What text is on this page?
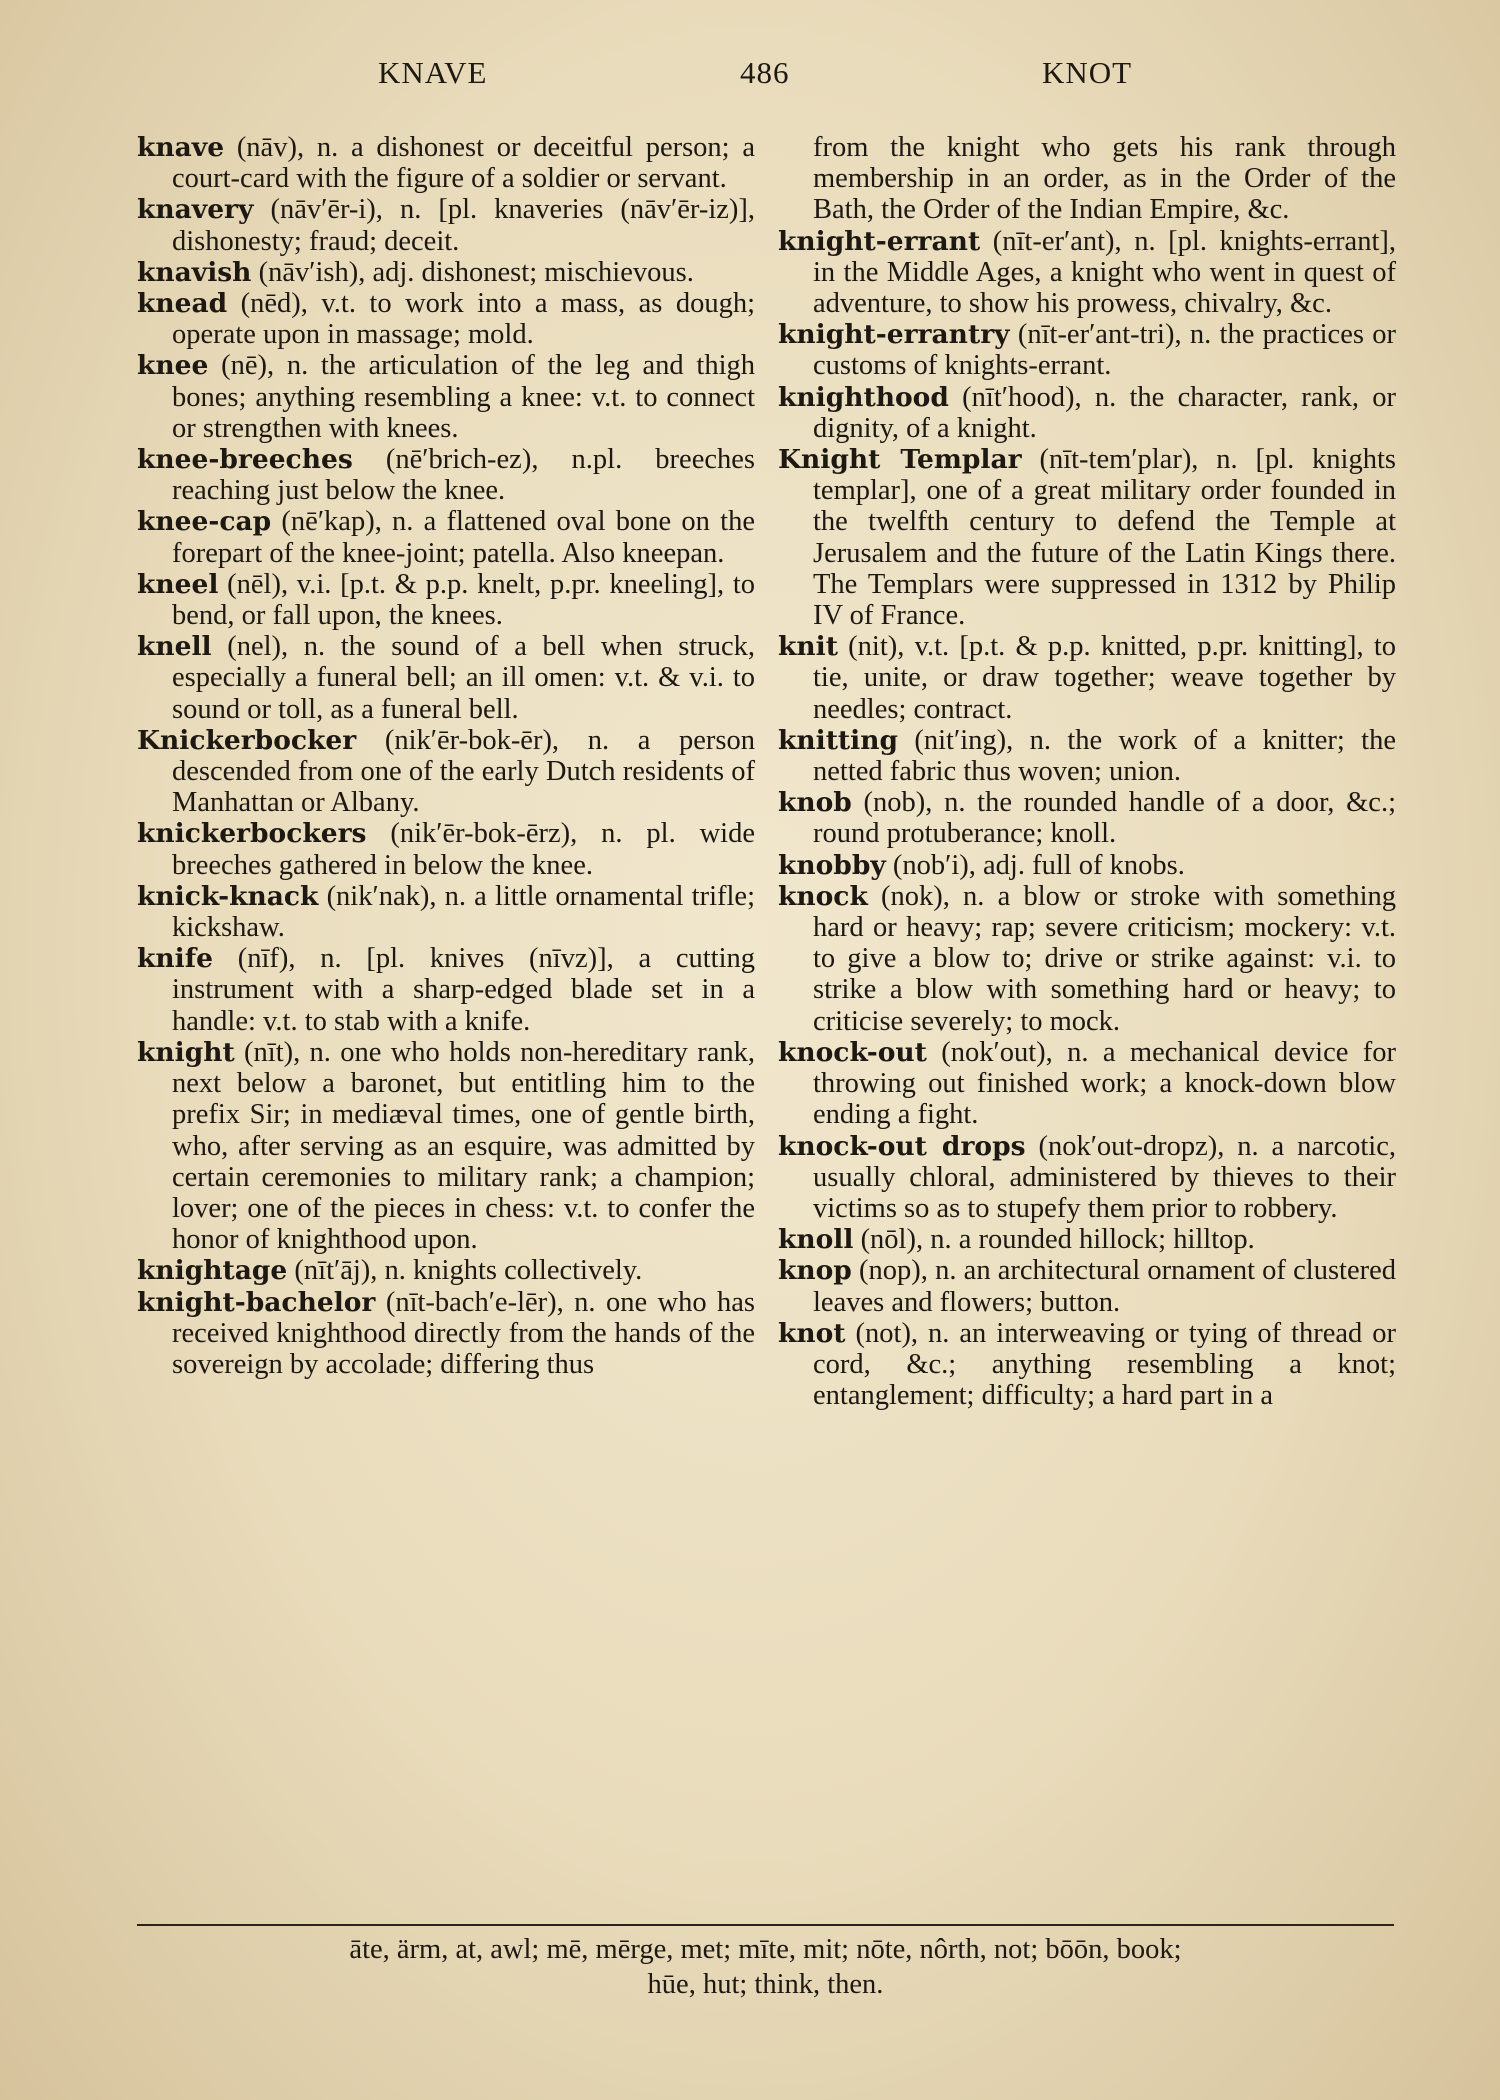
KNAVE	486	KNOT

knave (nāv), n. a dishonest or deceitful person; a court-card with the figure of a soldier or servant.

knavery (nāv′ēr-i), n. [pl. knaveries (nāv′ēr-iz)], dishonesty; fraud; deceit.

knavish (nāv′ish), adj. dishonest; mischievous.

knead (nēd), v.t. to work into a mass, as dough; operate upon in massage; mold.

knee (nē), n. the articulation of the leg and thigh bones; anything resembling a knee: v.t. to connect or strengthen with knees.

knee-breeches (nē′brich-ez), n.pl. breeches reaching just below the knee.

knee-cap (nē′kap), n. a flattened oval bone on the forepart of the knee-joint; patella. Also kneepan.

kneel (nēl), v.i. [p.t. & p.p. knelt, p.pr. kneeling], to bend, or fall upon, the knees.

knell (nel), n. the sound of a bell when struck, especially a funeral bell; an ill omen: v.t. & v.i. to sound or toll, as a funeral bell.

Knickerbocker (nik′ēr-bok-ēr), n. a person descended from one of the early Dutch residents of Manhattan or Albany.

knickerbockers (nik′ēr-bok-ērz), n. pl. wide breeches gathered in below the knee.

knick-knack (nik′nak), n. a little ornamental trifle; kickshaw.

knife (nīf), n. [pl. knives (nīvz)], a cutting instrument with a sharp-edged blade set in a handle: v.t. to stab with a knife.

knight (nīt), n. one who holds non-hereditary rank, next below a baronet, but entitling him to the prefix Sir; in mediæval times, one of gentle birth, who, after serving as an esquire, was admitted by certain ceremonies to military rank; a champion; lover; one of the pieces in chess: v.t. to confer the honor of knighthood upon.

knightage (nīt′āj), n. knights collectively.

knight-bachelor (nīt-bach′e-lēr), n. one who has received knighthood directly from the hands of the sovereign by accolade; differing thus

from the knight who gets his rank through membership in an order, as in the Order of the Bath, the Order of the Indian Empire, &c.

knight-errant (nīt-er′ant), n. [pl. knights-errant], in the Middle Ages, a knight who went in quest of adventure, to show his prowess, chivalry, &c.

knight-errantry (nīt-er′ant-tri), n. the practices or customs of knights-errant.

knighthood (nīt′hood), n. the character, rank, or dignity, of a knight.

Knight Templar (nīt-tem′plar), n. [pl. knights templar], one of a great military order founded in the twelfth century to defend the Temple at Jerusalem and the future of the Latin Kings there. The Templars were suppressed in 1312 by Philip IV of France.

knit (nit), v.t. [p.t. & p.p. knitted, p.pr. knitting], to tie, unite, or draw together; weave together by needles; contract.

knitting (nit′ing), n. the work of a knitter; the netted fabric thus woven; union.

knob (nob), n. the rounded handle of a door, &c.; round protuberance; knoll.

knobby (nob′i), adj. full of knobs.

knock (nok), n. a blow or stroke with something hard or heavy; rap; severe criticism; mockery: v.t. to give a blow to; drive or strike against: v.i. to strike a blow with something hard or heavy; to criticise severely; to mock.

knock-out (nok′out), n. a mechanical device for throwing out finished work; a knock-down blow ending a fight.

knock-out drops (nok′out-dropz), n. a narcotic, usually chloral, administered by thieves to their victims so as to stupefy them prior to robbery.

knoll (nōl), n. a rounded hillock; hilltop.

knop (nop), n. an architectural ornament of clustered leaves and flowers; button.

knot (not), n. an interweaving or tying of thread or cord, &c.; anything resembling a knot; entanglement; difficulty; a hard part in a

āte, ärm, at, awl; mē, mērge, met; mīte, mit; nōte, nôrth, not; bōōn, book;
hūe, hut; think, then.
